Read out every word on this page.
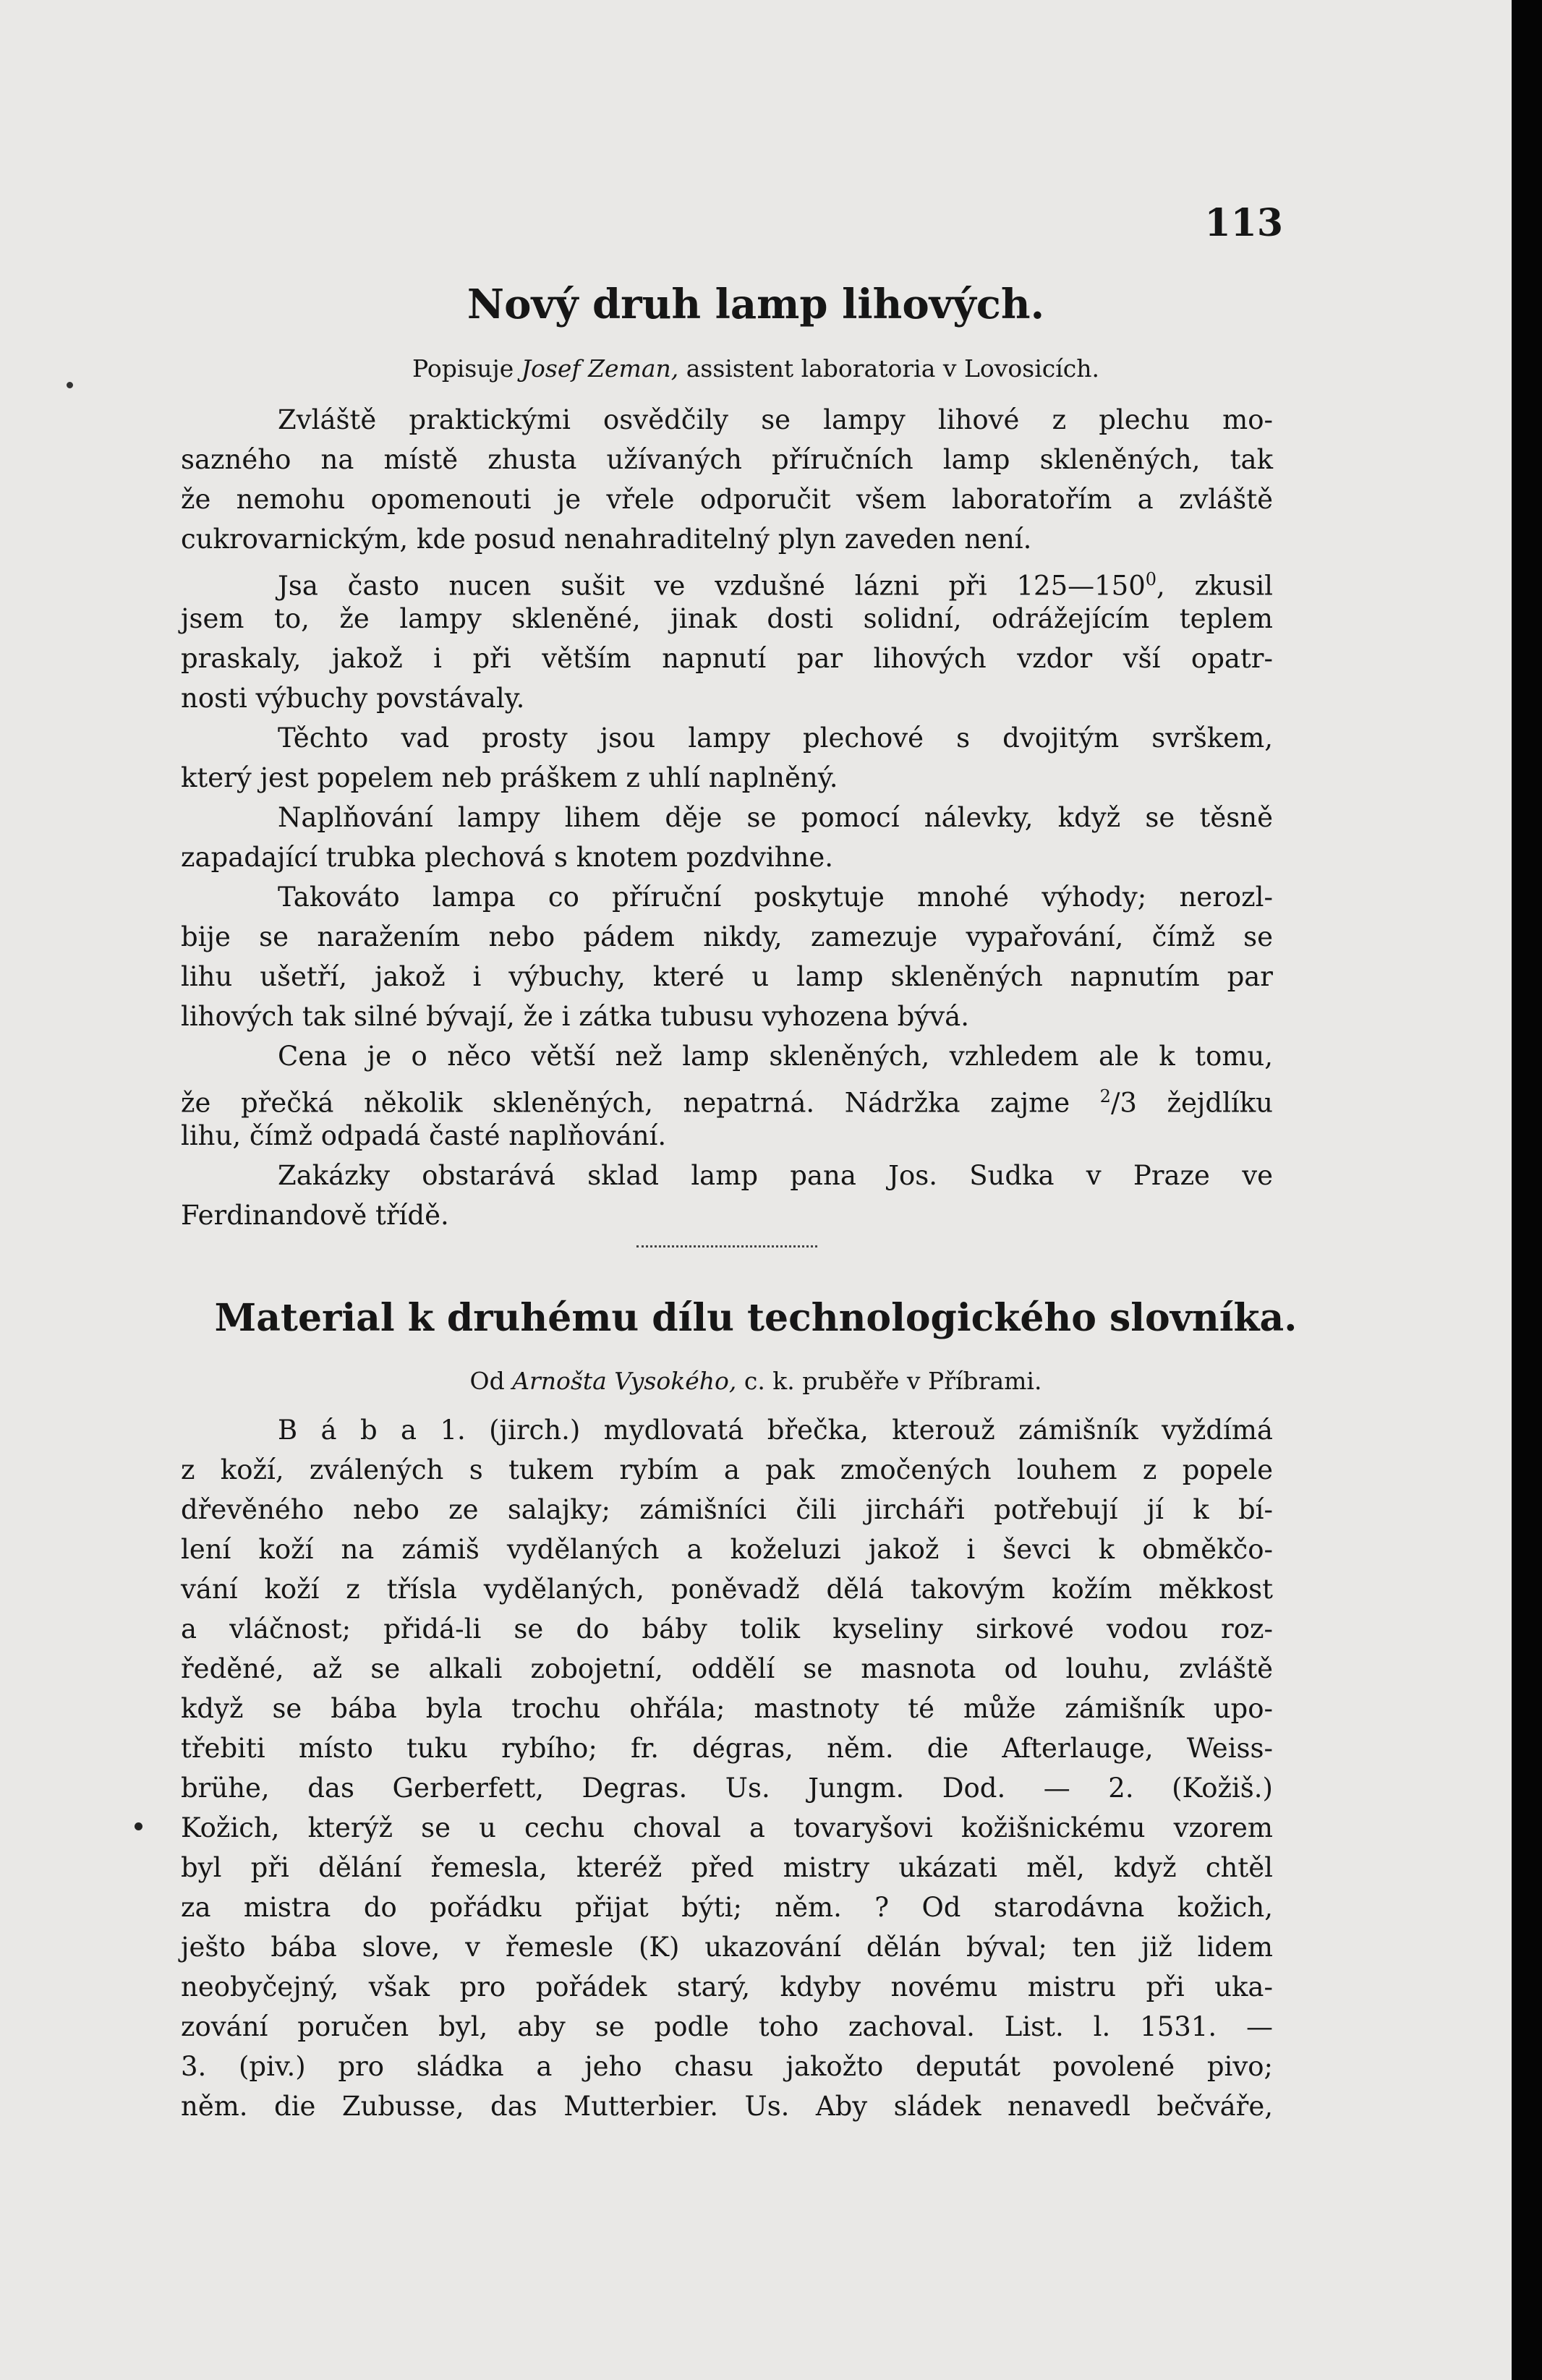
113
Nový druh lamp lihových.
Popisuje Josef Zeman, assistent laboratoria v Lovosicích.
Zvláště praktickými osvědčily se lampy lihové z plechu mo-
sazného na místě zhusta užívaných příručních lamp skleněných, tak
že nemohu opomenouti je vřele odporučit všem laboratořím a zvláště
cukrovarnickým, kde posud nenahraditelný plyn zaveden není.
Jsa často nucen sušit ve vzdušné lázni při $125—150^0$, zkusil
jsem to, že lampy skleněné, jinak dosti solidní, odrážejícím teplem
praskaly, jakož i při větším napnutí par lihových vzdor vší opatr-
nosti výbuchy povstávaly.
Těchto vad prosty jsou lampy plechové s dvojitým svrškem,
který jest popelem neb práškem z uhlí naplněný.
Naplňování lampy lihem děje se pomocí nálevky, když se těsně
zapadající trubka plechová s knotem pozdvihne.
Takováto lampa co příruční poskytuje mnohé výhody; nerozl-
bije se naražením nebo pádem nikdy, zamezuje vypařování, čímž se
lihu ušetří, jakož i výbuchy, které u lamp skleněných napnutím par
lihových tak silné bývají, že i zátka tubusu vyhozena bývá.
Cena je o něco větší než lamp skleněných, vzhledem ale k tomu,
že přečká několik skleněných, nepatrná. Nádržka zajme $^2$/3 žejdlíku
lihu, čímž odpadá časté naplňování.
Zakázky obstarává sklad lamp pana Jos. Sudka v Praze ve
Ferdinandově třídě.
Material k druhému dílu technologického slovníka.
Od Arnošta Vysokého, c. k. pruběře v Příbrami.
B á b a 1. (jirch.) mydlovatá břečka, kterouž zámišník vyždímá
z koží, zválených s tukem rybím a pak zmočených louhem z popele
dřevěného nebo ze salajky; zámišníci čili jircháři potřebují jí k bí-
lení koží na zámiš vydělaných a koželuzi jakož i ševci k obměkčo-
vání koží z třísla vydělaných, poněvadž dělá takovým kožím měkkost
a vláčnost; přidá-li se do báby tolik kyseliny sirkové vodou roz-
ředěné, až se alkali zobojetní, oddělí se masnota od louhu, zvláště
když se bába byla trochu ohřála; mastnoty té může zámišník upo-
třebiti místo tuku rybího; fr. dégras, něm. die Afterlauge, Weiss-
brühe, das Gerberfett, Degras. Us. Jungm. Dod. — 2. (Kožiš.)
Kožich, kterýž se u cechu choval a tovaryšovi kožišnickému vzorem
byl při dělání řemesla, kteréž před mistry ukázati měl, když chtěl
za mistra do pořádku přijat býti; něm. ? Od starodávna kožich,
ješto bába slove, v řemesle (K) ukazování dělán býval; ten již lidem
neobyčejný, však pro pořádek starý, kdyby novému mistru při uka-
zování poručen byl, aby se podle toho zachoval. List. l. 1531. —
3. (piv.) pro sládka a jeho chasu jakožto deputát povolené pivo;
něm. die Zubusse, das Mutterbier. Us. Aby sládek nenavedl bečváře,
